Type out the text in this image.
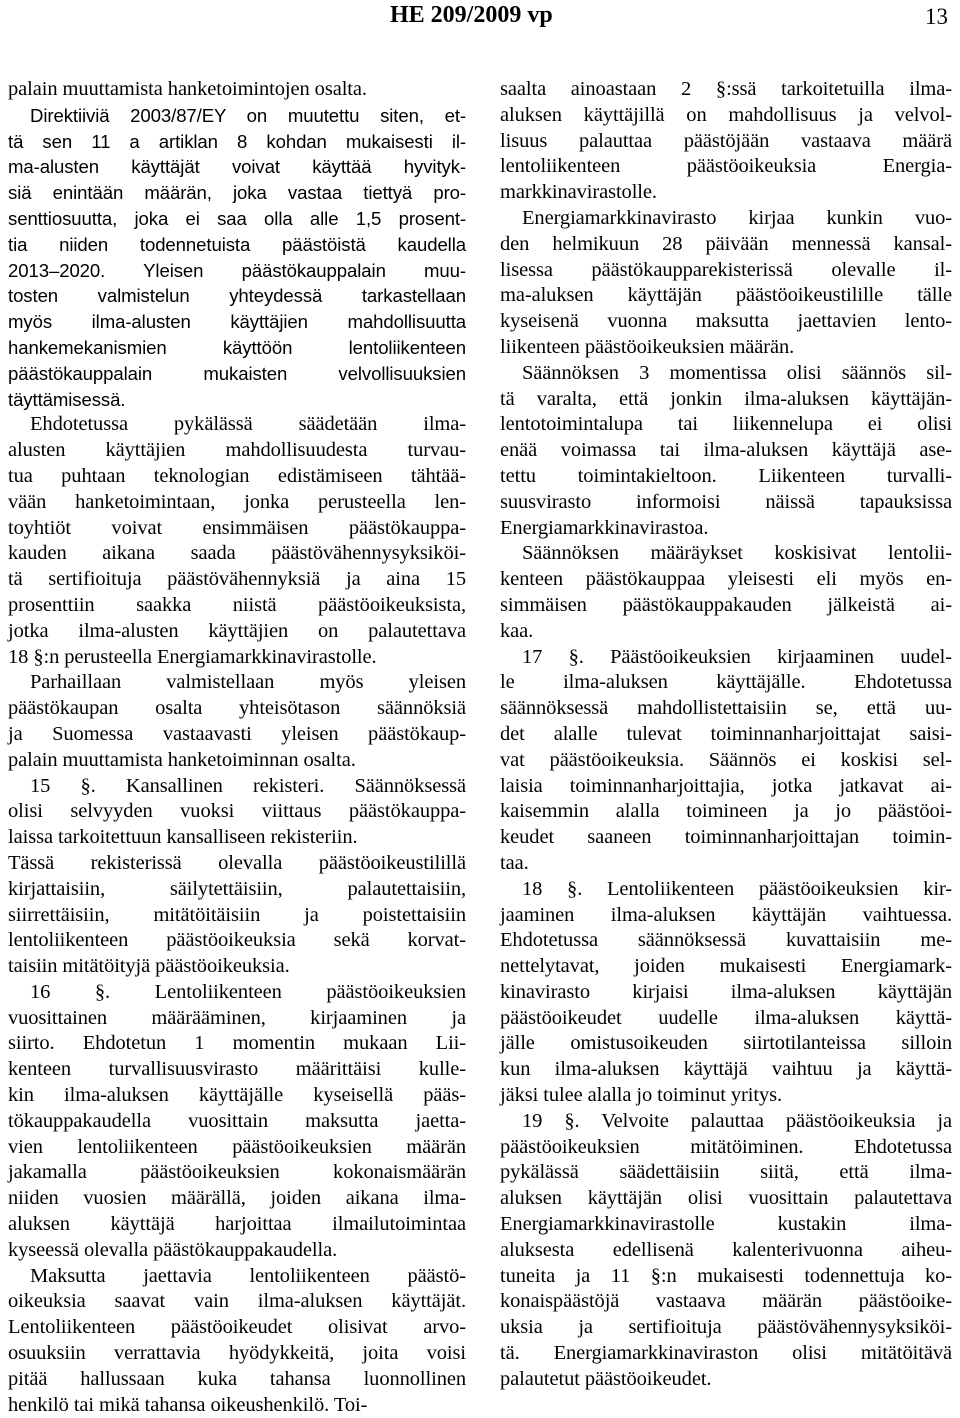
HE 209/2009 vp	13
palain muuttamista hanketoimintojen osalta.
Direktiiviä 2003/87/EY on muutettu siten, et-
tä sen 11 a artiklan 8 kohdan mukaisesti il-
ma-alusten käyttäjät voivat käyttää hyvityk-
siä enintään määrän, joka vastaa tiettyä pro-
senttiosuutta, joka ei saa olla alle 1,5 prosent-
tia niiden todennetuista päästöistä kaudella
2013–2020. Yleisen päästökauppalain muu-
tosten valmistelun yhteydessä tarkastellaan
myös ilma-alusten käyttäjien mahdollisuutta
hankemekanismien käyttöön lentoliikenteen
päästökauppalain mukaisten velvollisuuksien
täyttämisessä.
Ehdotetussa pykälässä säädetään ilma-
alusten käyttäjien mahdollisuudesta turvau-
tua puhtaan teknologian edistämiseen tähtää-
vään hanketoimintaan, jonka perusteella len-
toyhtiöt voivat ensimmäisen päästökauppa-
kauden aikana saada päästövähennysyksiköi-
tä sertifioituja päästövähennyksiä ja aina 15
prosenttiin saakka niistä päästöoikeuksista,
jotka ilma-alusten käyttäjien on palautettava
18 §:n perusteella Energiamarkkinavirastolle.
Parhaillaan valmistellaan myös yleisen
päästökaupan osalta yhteisötason säännöksiä
ja Suomessa vastaavasti yleisen päästökaup-
palain muuttamista hanketoiminnan osalta.
15 §. Kansallinen rekisteri. Säännöksessä
olisi selvyyden vuoksi viittaus päästökauppa-
laissa tarkoitettuun kansalliseen rekisteriin.
Tässä rekisterissä olevalla päästöoikeustilillä
kirjattaisiin, säilytettäisiin, palautettaisiin,
siirrettäisiin, mitätöitäisiin ja poistettaisiin
lentoliikenteen päästöoikeuksia sekä korvat-
taisiin mitätöityjä päästöoikeuksia.
16 §. Lentoliikenteen päästöoikeuksien
vuosittainen määrääminen, kirjaaminen ja
siirto. Ehdotetun 1 momentin mukaan Lii-
kenteen turvallisuusvirasto määrittäisi kulle-
kin ilma-aluksen käyttäjälle kyseisellä pääs-
tökauppakaudella vuosittain maksutta jaetta-
vien lentoliikenteen päästöoikeuksien määrän
jakamalla päästöoikeuksien kokonaismäärän
niiden vuosien määrällä, joiden aikana ilma-
aluksen käyttäjä harjoittaa ilmailutoimintaa
kyseessä olevalla päästökauppakaudella.
Maksutta jaettavia lentoliikenteen päästö-
oikeuksia saavat vain ilma-aluksen käyttäjät.
Lentoliikenteen päästöoikeudet olisivat arvo-
osuuksiin verrattavia hyödykkeitä, joita voisi
pitää hallussaan kuka tahansa luonnollinen
henkilö tai mikä tahansa oikeushenkilö. Toi-
saalta ainoastaan 2 §:ssä tarkoitetuilla ilma-
aluksen käyttäjillä on mahdollisuus ja velvol-
lisuus palauttaa päästöjään vastaava määrä
lentoliikenteen päästöoikeuksia Energia-
markkinavirastolle.
Energiamarkkinavirasto kirjaa kunkin vuo-
den helmikuun 28 päivään mennessä kansal-
lisessa päästökaupparekisterissä olevalle il-
ma-aluksen käyttäjän päästöoikeustilille tälle
kyseisenä vuonna maksutta jaettavien lento-
liikenteen päästöoikeuksien määrän.
Säännöksen 3 momentissa olisi säännös sil-
tä varalta, että jonkin ilma-aluksen käyttäjän-
lentotoimintalupa tai liikennelupa ei olisi
enää voimassa tai ilma-aluksen käyttäjä ase-
tettu toimintakieltoon. Liikenteen turvalli-
suusvirasto informoisi näissä tapauksissa
Energiamarkkinavirastoa.
Säännöksen määräykset koskisivat lentolii-
kenteen päästökauppaa yleisesti eli myös en-
simmäisen päästökauppakauden jälkeistä ai-
kaa.
17 §. Päästöoikeuksien kirjaaminen uudel-
le ilma-aluksen käyttäjälle. Ehdotetussa
säännöksessä mahdollistettaisiin se, että uu-
det alalle tulevat toiminnanharjoittajat saisi-
vat päästöoikeuksia. Säännös ei koskisi sel-
laisia toiminnanharjoittajia, jotka jatkavat ai-
kaisemmin alalla toimineen ja jo päästöoi-
keudet saaneen toiminnanharjoittajan toimin-
taa.
18 §. Lentoliikenteen päästöoikeuksien kir-
jaaminen ilma-aluksen käyttäjän vaihtuessa.
Ehdotetussa säännöksessä kuvattaisiin me-
nettelytavat, joiden mukaisesti Energiamark-
kinavirasto kirjaisi ilma-aluksen käyttäjän
päästöoikeudet uudelle ilma-aluksen käyttä-
jälle omistusoikeuden siirtotilanteissa silloin
kun ilma-aluksen käyttäjä vaihtuu ja käyttä-
jäksi tulee alalla jo toiminut yritys.
19 §. Velvoite palauttaa päästöoikeuksia ja
päästöoikeuksien mitätöiminen. Ehdotetussa
pykälässä säädettäisiin siitä, että ilma-
aluksen käyttäjän olisi vuosittain palautettava
Energiamarkkinavirastolle kustakin ilma-
aluksesta edellisenä kalenterivuonna aiheu-
tuneita ja 11 §:n mukaisesti todennettuja ko-
konaispäästöjä vastaava määrän päästöoike-
uksia ja sertifioituja päästövähennysyksiköi-
tä. Energiamarkkinaviraston olisi mitätöitävä
palautetut päästöoikeudet.
